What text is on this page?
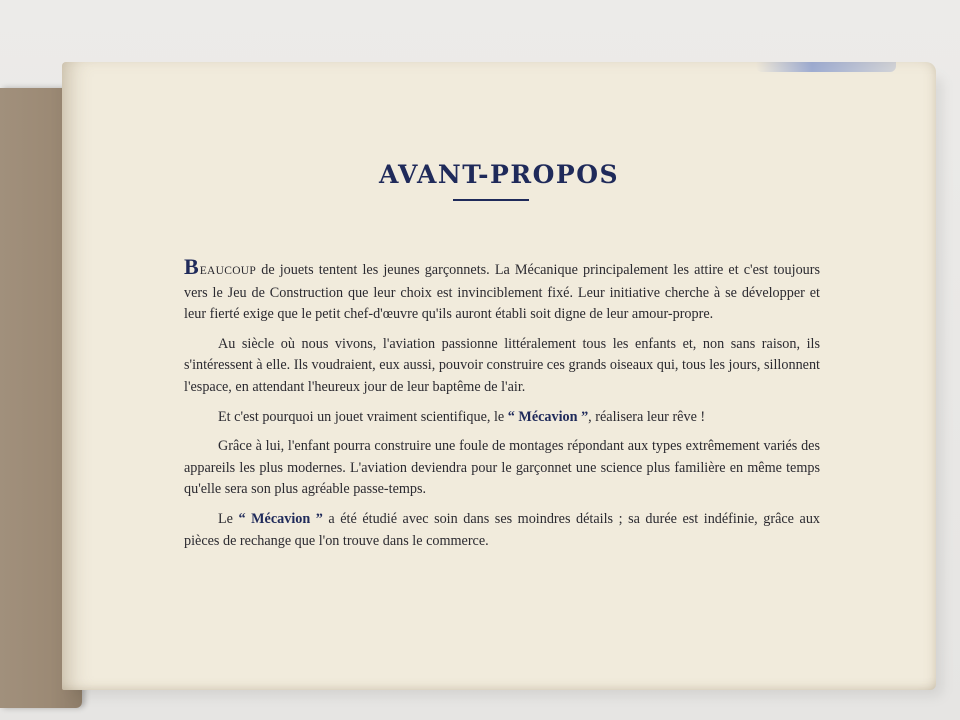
AVANT-PROPOS

BEAUCOUP de jouets tentent les jeunes garçonnets. La Mécanique principalement les attire et c'est toujours vers le Jeu de Construction que leur choix est invinciblement fixé. Leur initiative cherche à se développer et leur fierté exige que le petit chef-d'œuvre qu'ils auront établi soit digne de leur amour-propre.

Au siècle où nous vivons, l'aviation passionne littéralement tous les enfants et, non sans raison, ils s'intéressent à elle. Ils voudraient, eux aussi, pouvoir construire ces grands oiseaux qui, tous les jours, sillonnent l'espace, en attendant l'heureux jour de leur baptême de l'air.

Et c'est pourquoi un jouet vraiment scientifique, le “ Mécavion ”, réalisera leur rêve !

Grâce à lui, l'enfant pourra construire une foule de montages répondant aux types extrêmement variés des appareils les plus modernes. L'aviation deviendra pour le garçonnet une science plus familière en même temps qu'elle sera son plus agréable passe-temps.

Le “ Mécavion ” a été étudié avec soin dans ses moindres détails ; sa durée est indéfinie, grâce aux pièces de rechange que l'on trouve dans le commerce.
